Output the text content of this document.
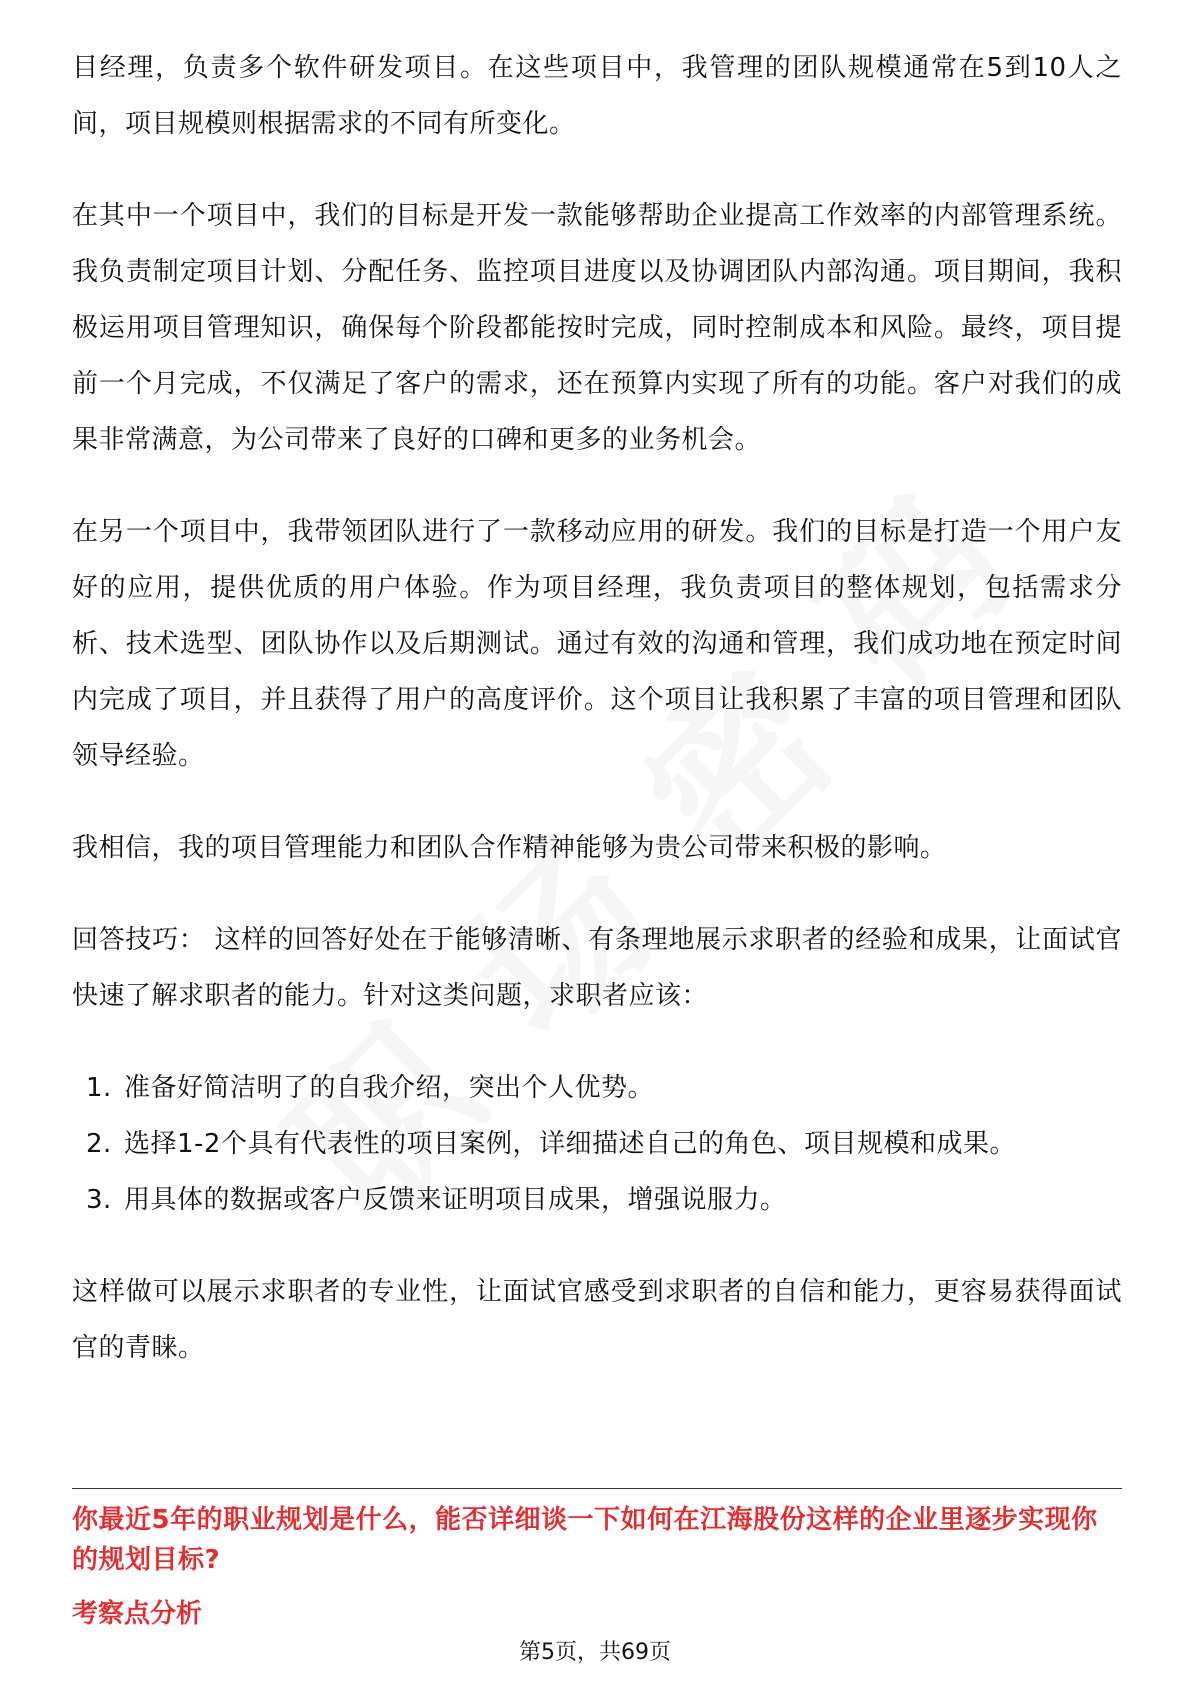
目经理，负责多个软件研发项目。在这些项目中，我管理的团队规模通常在5到10人之间，项目规模则根据需求的不同有所变化。

在其中一个项目中，我们的目标是开发一款能够帮助企业提高工作效率的内部管理系统。我负责制定项目计划、分配任务、监控项目进度以及协调团队内部沟通。项目期间，我积极运用项目管理知识，确保每个阶段都能按时完成，同时控制成本和风险。最终，项目提前一个月完成，不仅满足了客户的需求，还在预算内实现了所有的功能。客户对我们的成果非常满意，为公司带来了良好的口碑和更多的业务机会。

在另一个项目中，我带领团队进行了一款移动应用的研发。我们的目标是打造一个用户友好的应用，提供优质的用户体验。作为项目经理，我负责项目的整体规划，包括需求分析、技术选型、团队协作以及后期测试。通过有效的沟通和管理，我们成功地在预定时间内完成了项目，并且获得了用户的高度评价。这个项目让我积累了丰富的项目管理和团队领导经验。

我相信，我的项目管理能力和团队合作精神能够为贵公司带来积极的影响。

回答技巧： 这样的回答好处在于能够清晰、有条理地展示求职者的经验和成果，让面试官快速了解求职者的能力。针对这类问题，求职者应该：

1. 准备好简洁明了的自我介绍，突出个人优势。
2. 选择1-2个具有代表性的项目案例，详细描述自己的角色、项目规模和成果。
3. 用具体的数据或客户反馈来证明项目成果，增强说服力。

这样做可以展示求职者的专业性，让面试官感受到求职者的自信和能力，更容易获得面试官的青睐。

你最近5年的职业规划是什么，能否详细谈一下如何在江海股份这样的企业里逐步实现你的规划目标?
考察点分析
第5页，共69页
